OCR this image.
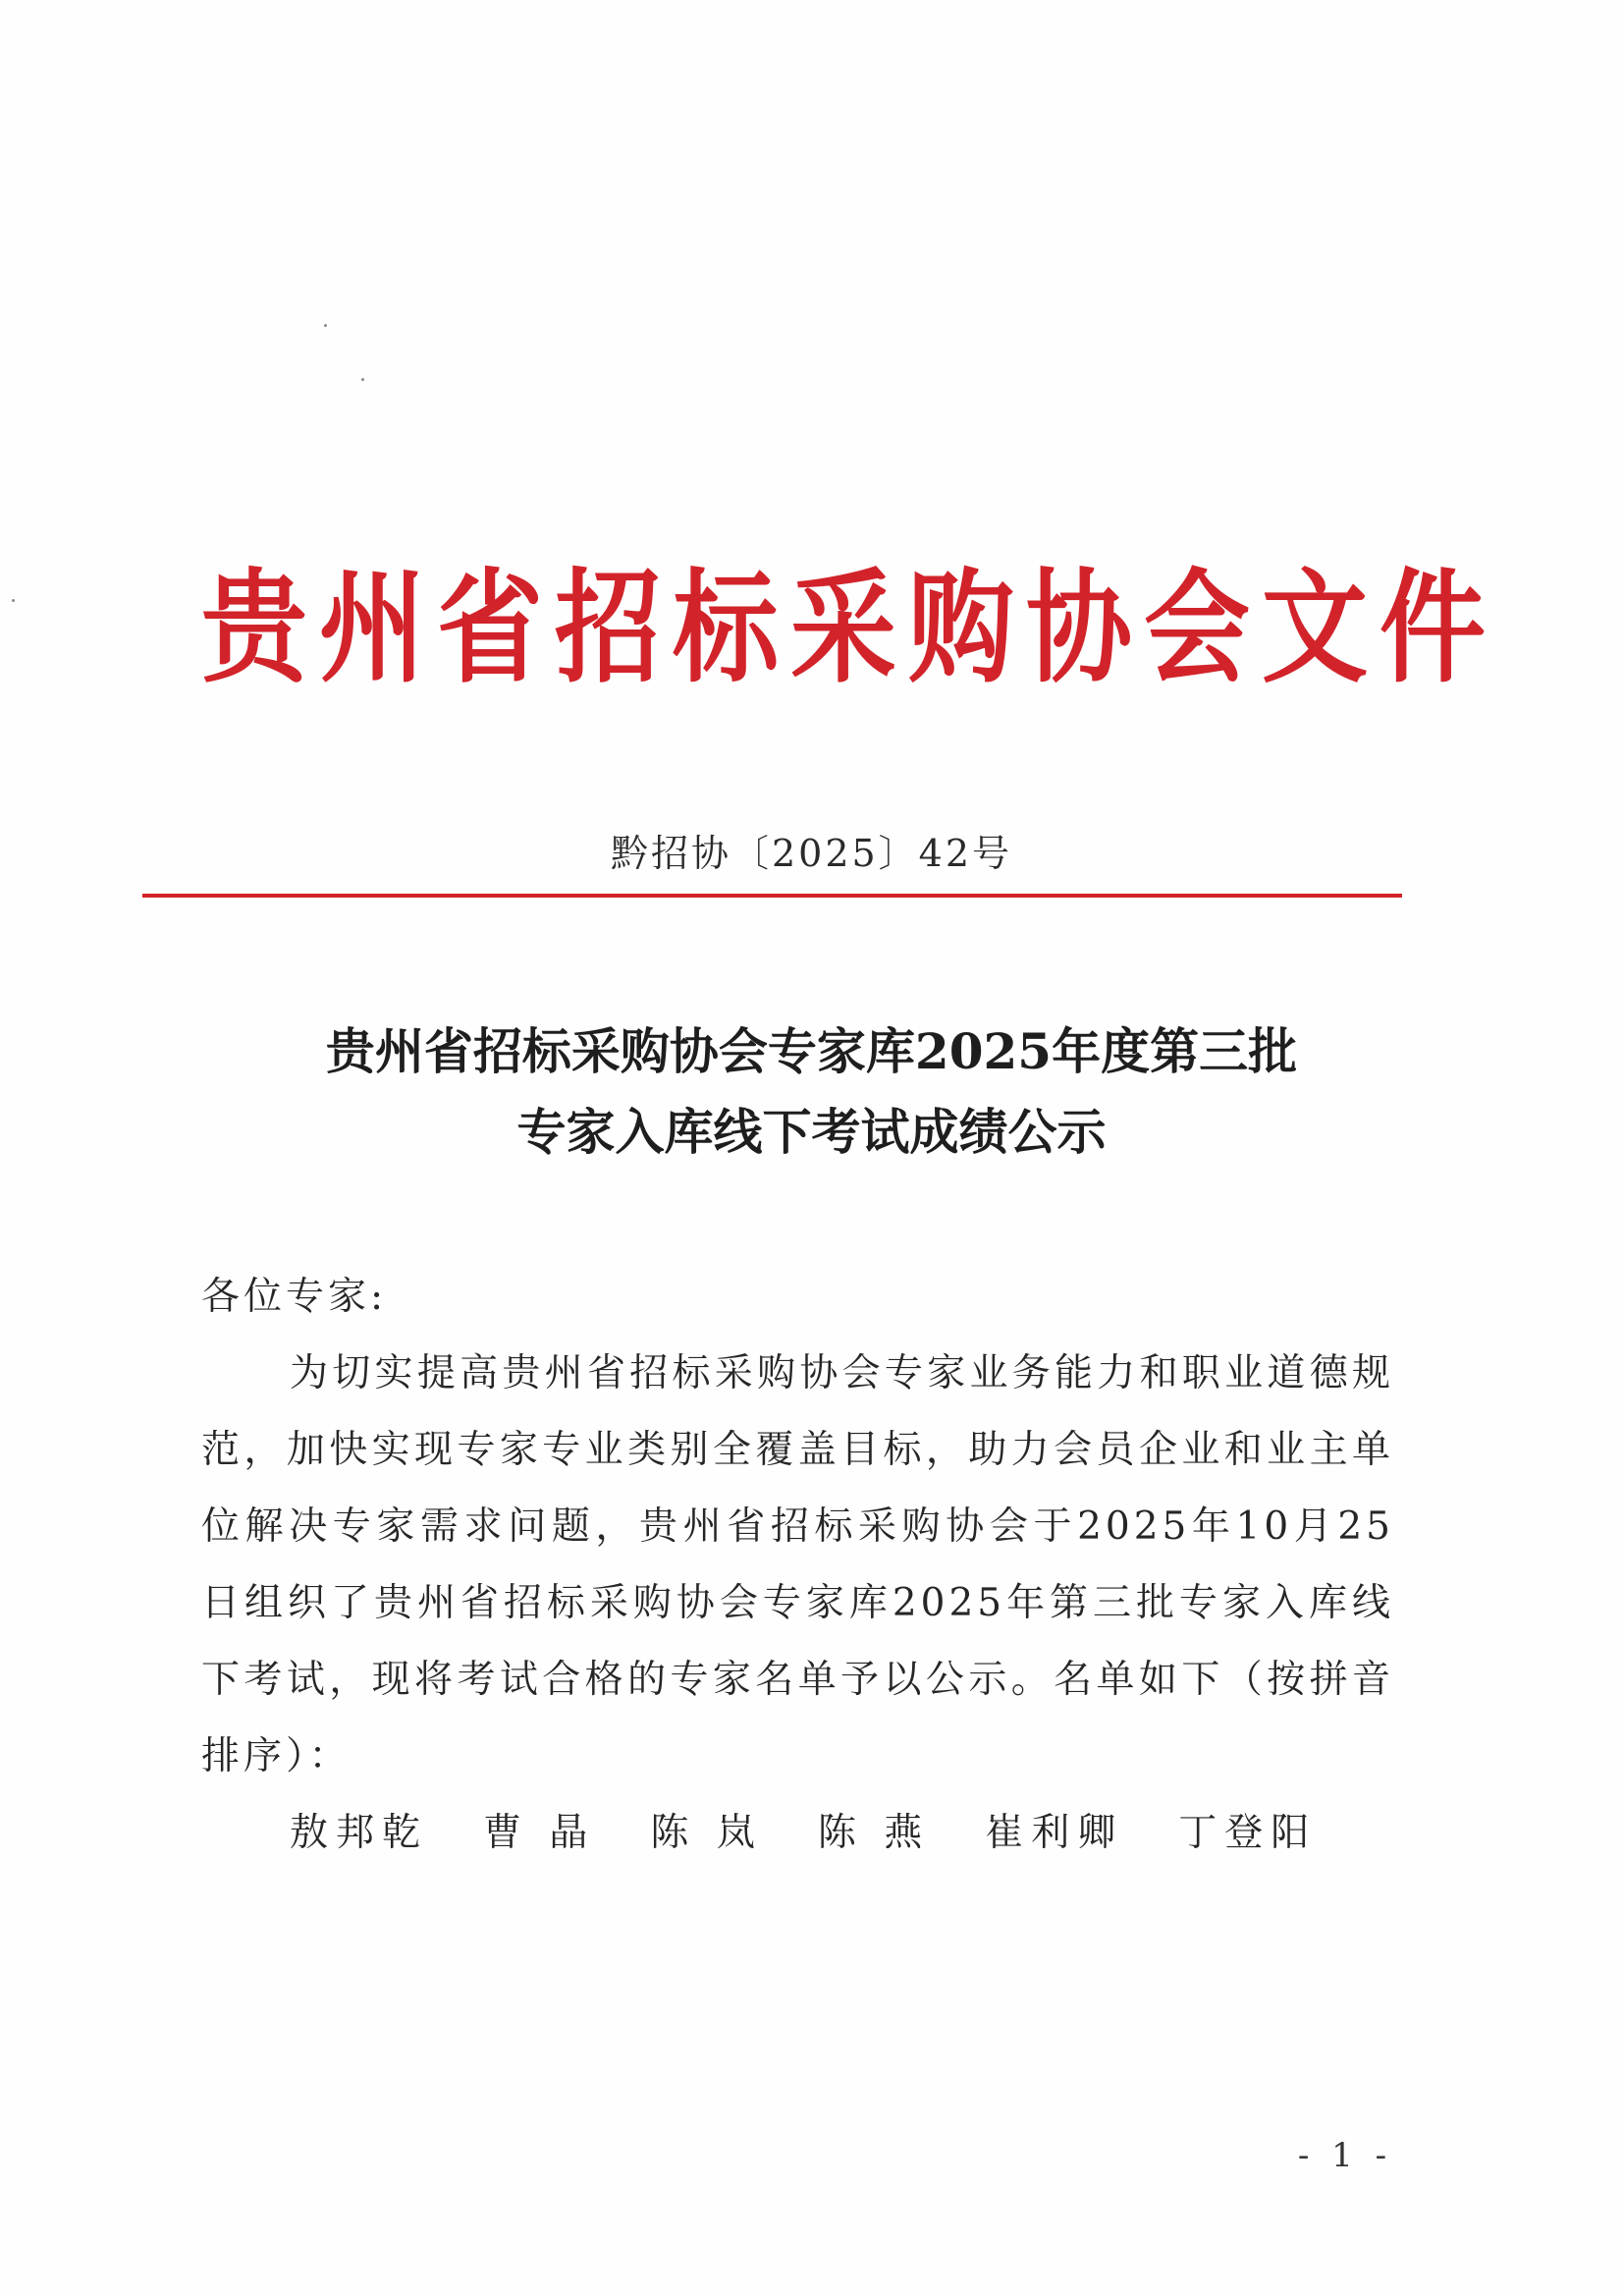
贵州省招标采购协会文件
黔招协〔2025〕42号
贵州省招标采购协会专家库2025年度第三批
专家入库线下考试成绩公示

各位专家:

为切实提高贵州省招标采购协会专家业务能力和职业道德规范，加快实现专家专业类别全覆盖目标，助力会员企业和业主单位解决专家需求问题，贵州省招标采购协会于2025年10月25日组织了贵州省招标采购协会专家库2025年第三批专家入库线下考试，现将考试合格的专家名单予以公示。名单如下（按拼音排序）：

敖邦乾 曹 晶 陈 岚 陈 燕 崔利卿 丁登阳

- 1 -
